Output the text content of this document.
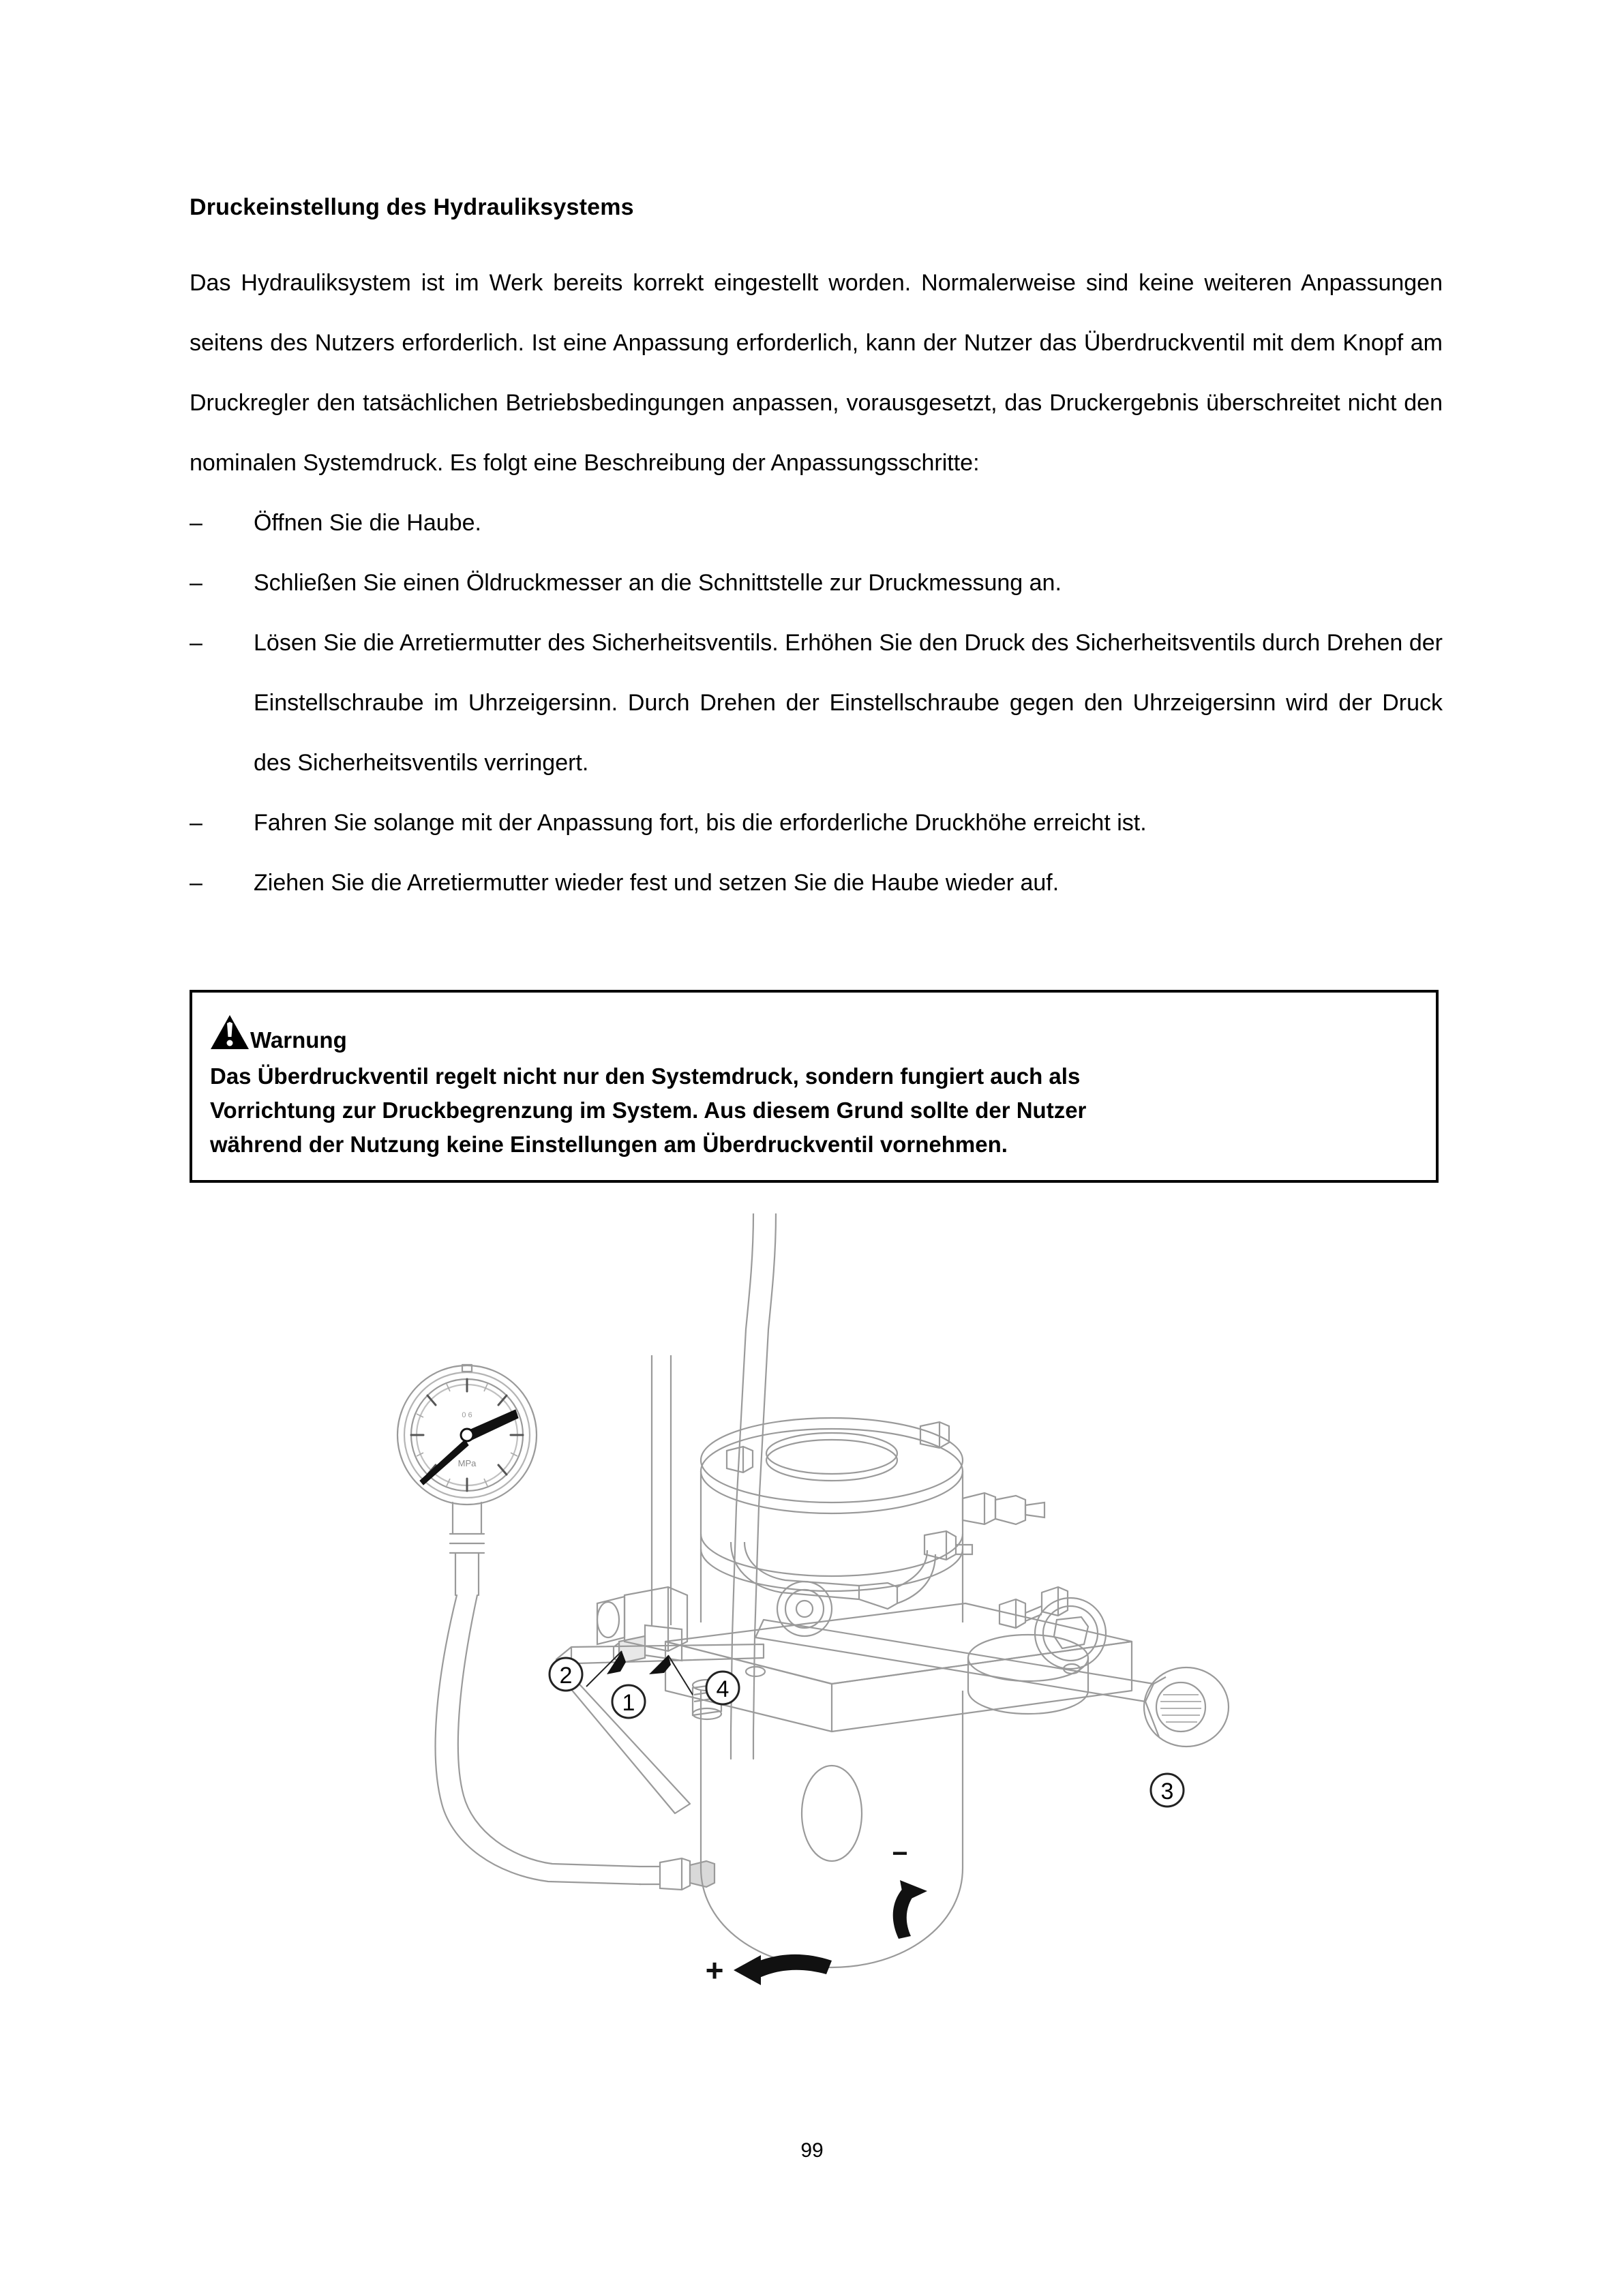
Druckeinstellung des Hydrauliksystems

Das Hydrauliksystem ist im Werk bereits korrekt eingestellt worden. Normalerweise sind keine weiteren Anpassungen seitens des Nutzers erforderlich. Ist eine Anpassung erforderlich, kann der Nutzer das Überdruckventil mit dem Knopf am Druckregler den tatsächlichen Betriebsbedingungen anpassen, vorausgesetzt, das Druckergebnis überschreitet nicht den nominalen Systemdruck. Es folgt eine Beschreibung der Anpassungsschritte:

–	Öffnen Sie die Haube.
–	Schließen Sie einen Öldruckmesser an die Schnittstelle zur Druckmessung an.
–	Lösen Sie die Arretiermutter des Sicherheitsventils. Erhöhen Sie den Druck des Sicherheitsventils durch Drehen der Einstellschraube im Uhrzeigersinn. Durch Drehen der Einstellschraube gegen den Uhrzeigersinn wird der Druck des Sicherheitsventils verringert.
–	Fahren Sie solange mit der Anpassung fort, bis die erforderliche Druckhöhe erreicht ist.
–	Ziehen Sie die Arretiermutter wieder fest und setzen Sie die Haube wieder auf.
Warnung

Das Überdruckventil regelt nicht nur den Systemdruck, sondern fungiert auch als

Vorrichtung zur Druckbegrenzung im System. Aus diesem Grund sollte der Nutzer

während der Nutzung keine Einstellungen am Überdruckventil vornehmen.

0 6
MPa
1
2
3
4
−
+
99
